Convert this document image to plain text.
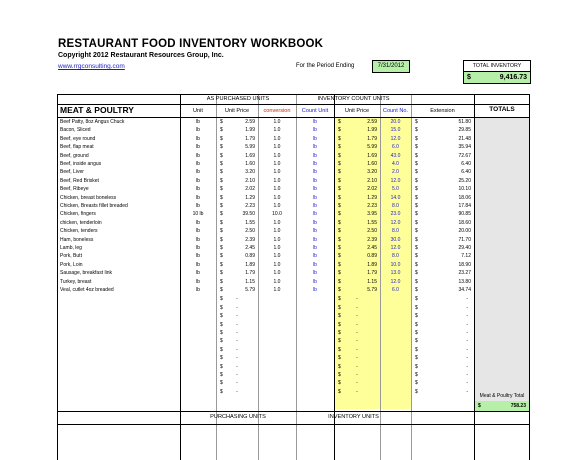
RESTAURANT FOOD INVENTORY WORKBOOK
Copyright 2012 Restaurant Resources Group, Inc.
www.rrgconsulting.com	For the Period Ending	7/31/2012	TOTAL INVENTORY
$	9,416.73
AS PURCHASED UNITS	INVENTORY COUNT UNITS
MEAT & POULTRY	Unit	Unit Price	conversion	Count Unit	Unit Price	Count No.	Extension	TOTALS
Beef Patty, 8oz Angus Chuck	lb	$	2.59	1.0	lb	$	2.59	20.0	$	51.80
Bacon, Sliced	lb	$	1.99	1.0	lb	$	1.99	15.0	$	29.85
Beef, eye round	lb	$	1.79	1.0	lb	$	1.79	12.0	$	21.48
Beef, flap meat	lb	$	5.99	1.0	lb	$	5.99	6.0	$	35.94
Beef, ground	lb	$	1.69	1.0	lb	$	1.69	43.0	$	72.67
Beef, inside angus	lb	$	1.60	1.0	lb	$	1.60	4.0	$	6.40
Beef, Liver	lb	$	3.20	1.0	lb	$	3.20	2.0	$	6.40
Beef, Red Brisket	lb	$	2.10	1.0	lb	$	2.10	12.0	$	25.20
Beef, Ribeye	lb	$	2.02	1.0	lb	$	2.02	5.0	$	10.10
Chicken, breast boneless	lb	$	1.29	1.0	lb	$	1.29	14.0	$	18.06
Chicken, Breasts fillet breaded	lb	$	2.23	1.0	lb	$	2.23	8.0	$	17.84
Chicken, fingers	10 lb	$	39.50	10.0	lb	$	3.95	23.0	$	90.85
chicken, tenderloin	lb	$	1.55	1.0	lb	$	1.55	12.0	$	18.60
Chicken, tenders	lb	$	2.50	1.0	lb	$	2.50	8.0	$	20.00
Ham, boneless	lb	$	2.39	1.0	lb	$	2.39	30.0	$	71.70
Lamb, leg	lb	$	2.45	1.0	lb	$	2.45	12.0	$	29.40
Pork, Butt	lb	$	0.89	1.0	lb	$	0.89	8.0	$	7.12
Pork, Loin	lb	$	1.89	1.0	lb	$	1.89	10.0	$	18.90
Sausage, breakfast link	lb	$	1.79	1.0	lb	$	1.79	13.0	$	23.27
Turkey, breast	lb	$	1.15	1.0	lb	$	1.15	12.0	$	13.80
Veal, cutlet 4oz breaded	lb	$	5.79	1.0	lb	$	5.79	6.0	$	34.74
$	-	$	-	$	-
$	-	$	-	$	-
$	-	$	-	$	-
$	-	$	-	$	-
$	-	$	-	$	-
$	-	$	-	$	-
$	-	$	-	$	-
$	-	$	-	$	-
$	-	$	-	$	-
$	-	$	-	$	-
$	-	$	-	$	-
$	-	$	-	$	-
Meat & Poultry Total
$	758.23
PURCHASING UNITS	INVENTORY UNITS
